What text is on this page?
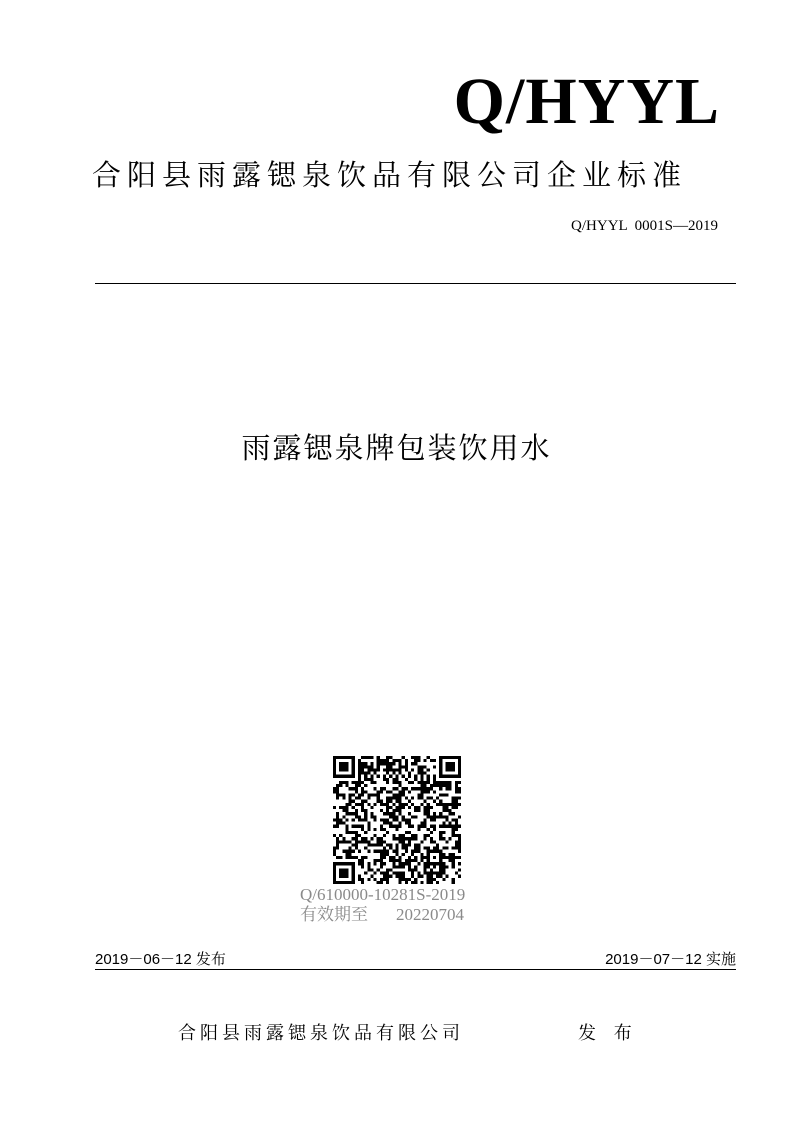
Q/HYYL
合阳县雨露锶泉饮品有限公司企业标准
Q/HYYL  0001S—2019
雨露锶泉牌包装饮用水
Q/610000-10281S-2019
有效期至 20220704
2019－06－12 发布	2019－07－12 实施
合阳县雨露锶泉饮品有限公司	发 布
